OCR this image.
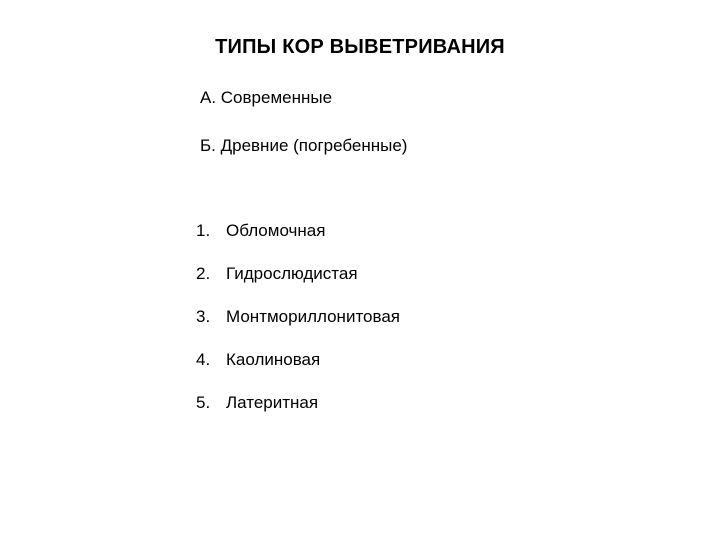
ТИПЫ КОР ВЫВЕТРИВАНИЯ
А. Современные
Б. Древние (погребенные)
1. Обломочная
2. Гидрослюдистая
3. Монтмориллонитовая
4. Каолиновая
5. Латеритная
